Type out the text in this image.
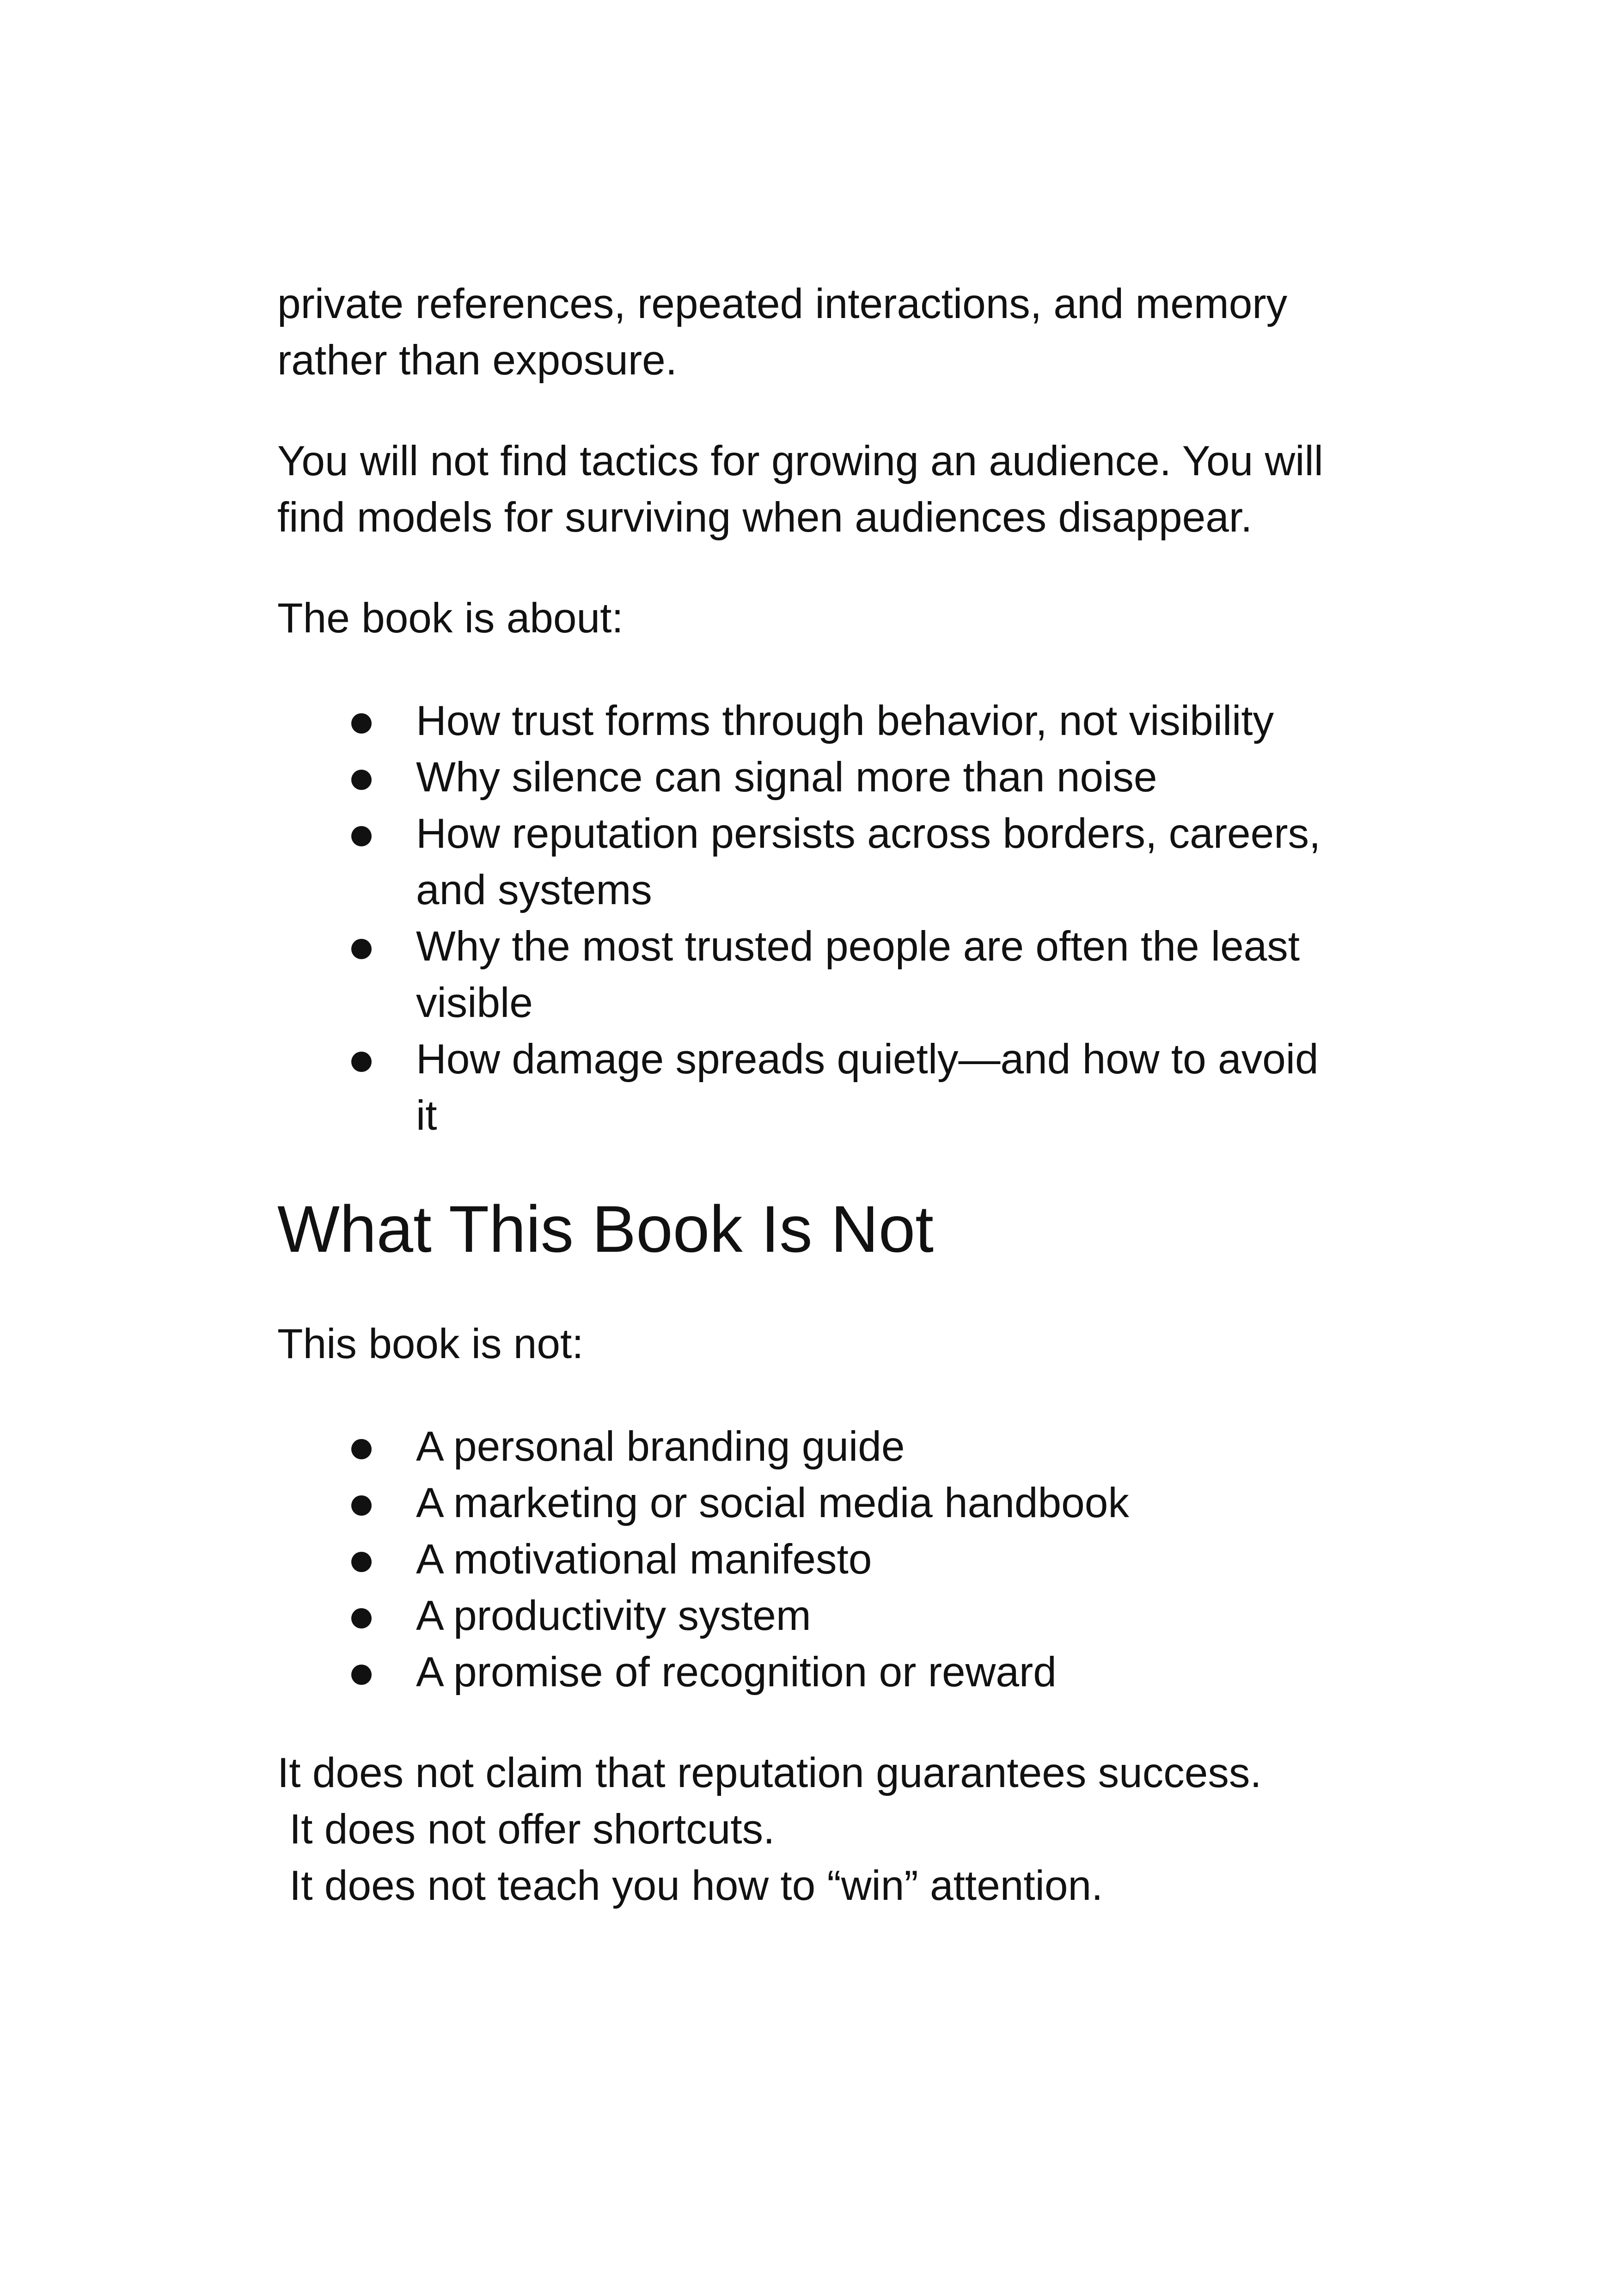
private references, repeated interactions, and memory

rather than exposure.

You will not find tactics for growing an audience. You will

find models for surviving when audiences disappear.

The book is about:

How trust forms through behavior, not visibility

Why silence can signal more than noise

How reputation persists across borders, careers,

and systems

Why the most trusted people are often the least

visible

How damage spreads quietly—and how to avoid

it

What This Book Is Not

This book is not:

A personal branding guide

A marketing or social media handbook

A motivational manifesto

A productivity system

A promise of recognition or reward

It does not claim that reputation guarantees success.

It does not offer shortcuts.

It does not teach you how to “win” attention.
